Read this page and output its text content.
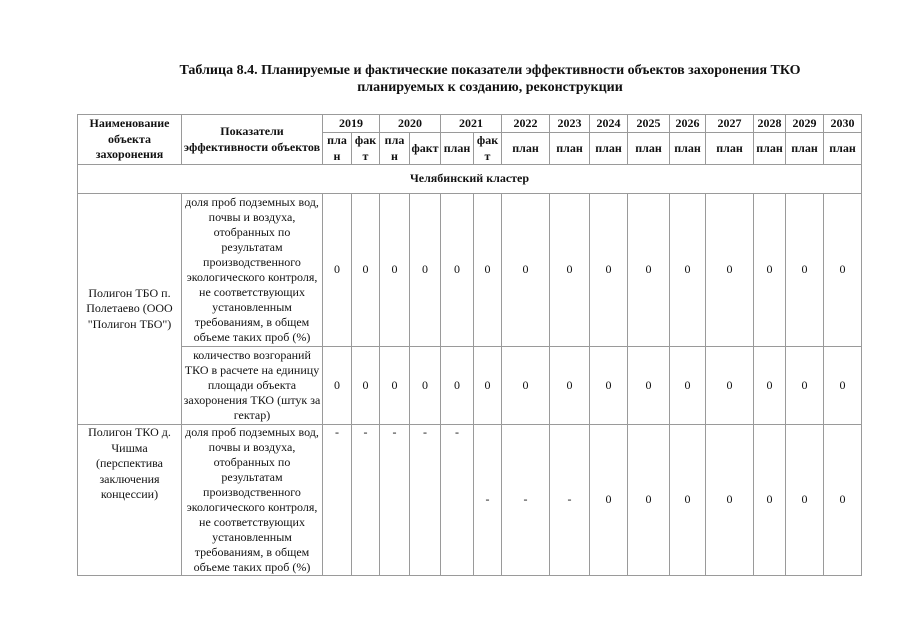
Таблица 8.4. Планируемые и фактические показатели эффективности объектов захоронения ТКО
планируемых к созданию, реконструкции
Наименование объекта захоронения	Показатели эффективности объектов	2019		2020		2021		2022	2023	2024	2025	2026	2027	2028	2029	2030
		пла н	фак т	пла н	факт	план	фак т	план	план	план	план	план	план	план	план	план
Челябинский кластер																
Полигон ТБО п. Полетаево (ООО "Полигон ТБО")	доля проб подземных вод, почвы и воздуха, отобранных по результатам производственного экологического контроля, не соответствующих установленным требованиям, в общем объеме таких проб (%)	0	0	0	0	0	0	0	0	0	0	0	0	0	0	0
	количество возгораний ТКО в расчете на единицу площади объекта захоронения ТКО (штук за гектар)	0	0	0	0	0	0	0	0	0	0	0	0	0	0	0
Полигон ТКО д. Чишма (перспектива заключения концессии)	доля проб подземных вод, почвы и воздуха, отобранных по результатам производственного экологического контроля, не соответствующих установленным требованиям, в общем объеме таких проб (%)	-	-	-	-	-	-	-	-	0	0	0	0	0	0	0
